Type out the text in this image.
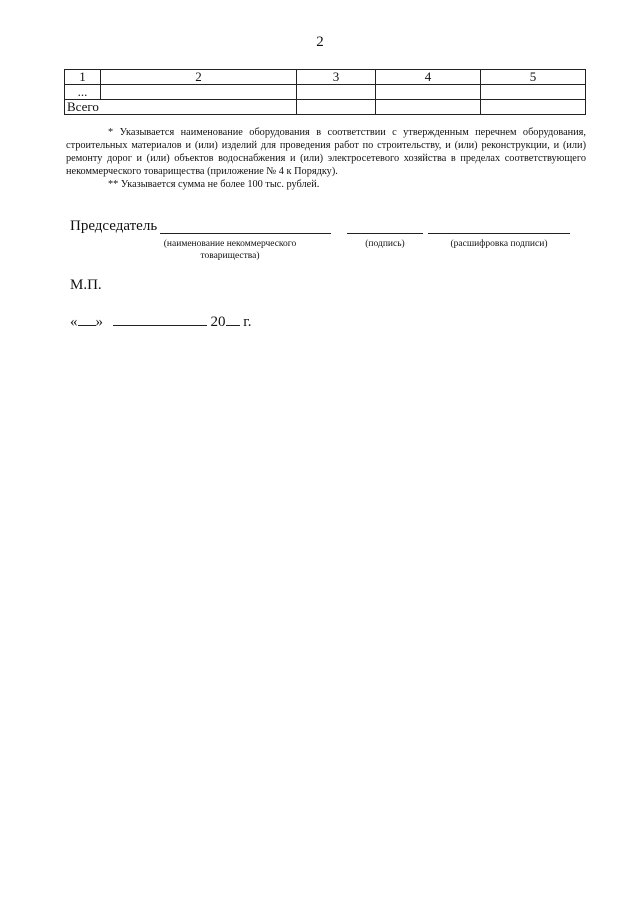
2
1	2	3	4	5
...				
Всего				

* Указывается наименование оборудования в соответствии с утвержденным перечнем оборудования, строительных материалов и (или) изделий для проведения работ по строительству, и (или) реконструкции, и (или) ремонту дорог и (или) объектов водоснабжения и (или) электросетевого хозяйства в пределах соответствующего некоммерческого товарищества (приложение № 4 к Порядку).

** Указывается сумма не более 100 тыс. рублей.

Председатель
(наименование некоммерческого товарищества)
(подпись)	(расшифровка подписи)
М.П.
« »	20 г.
